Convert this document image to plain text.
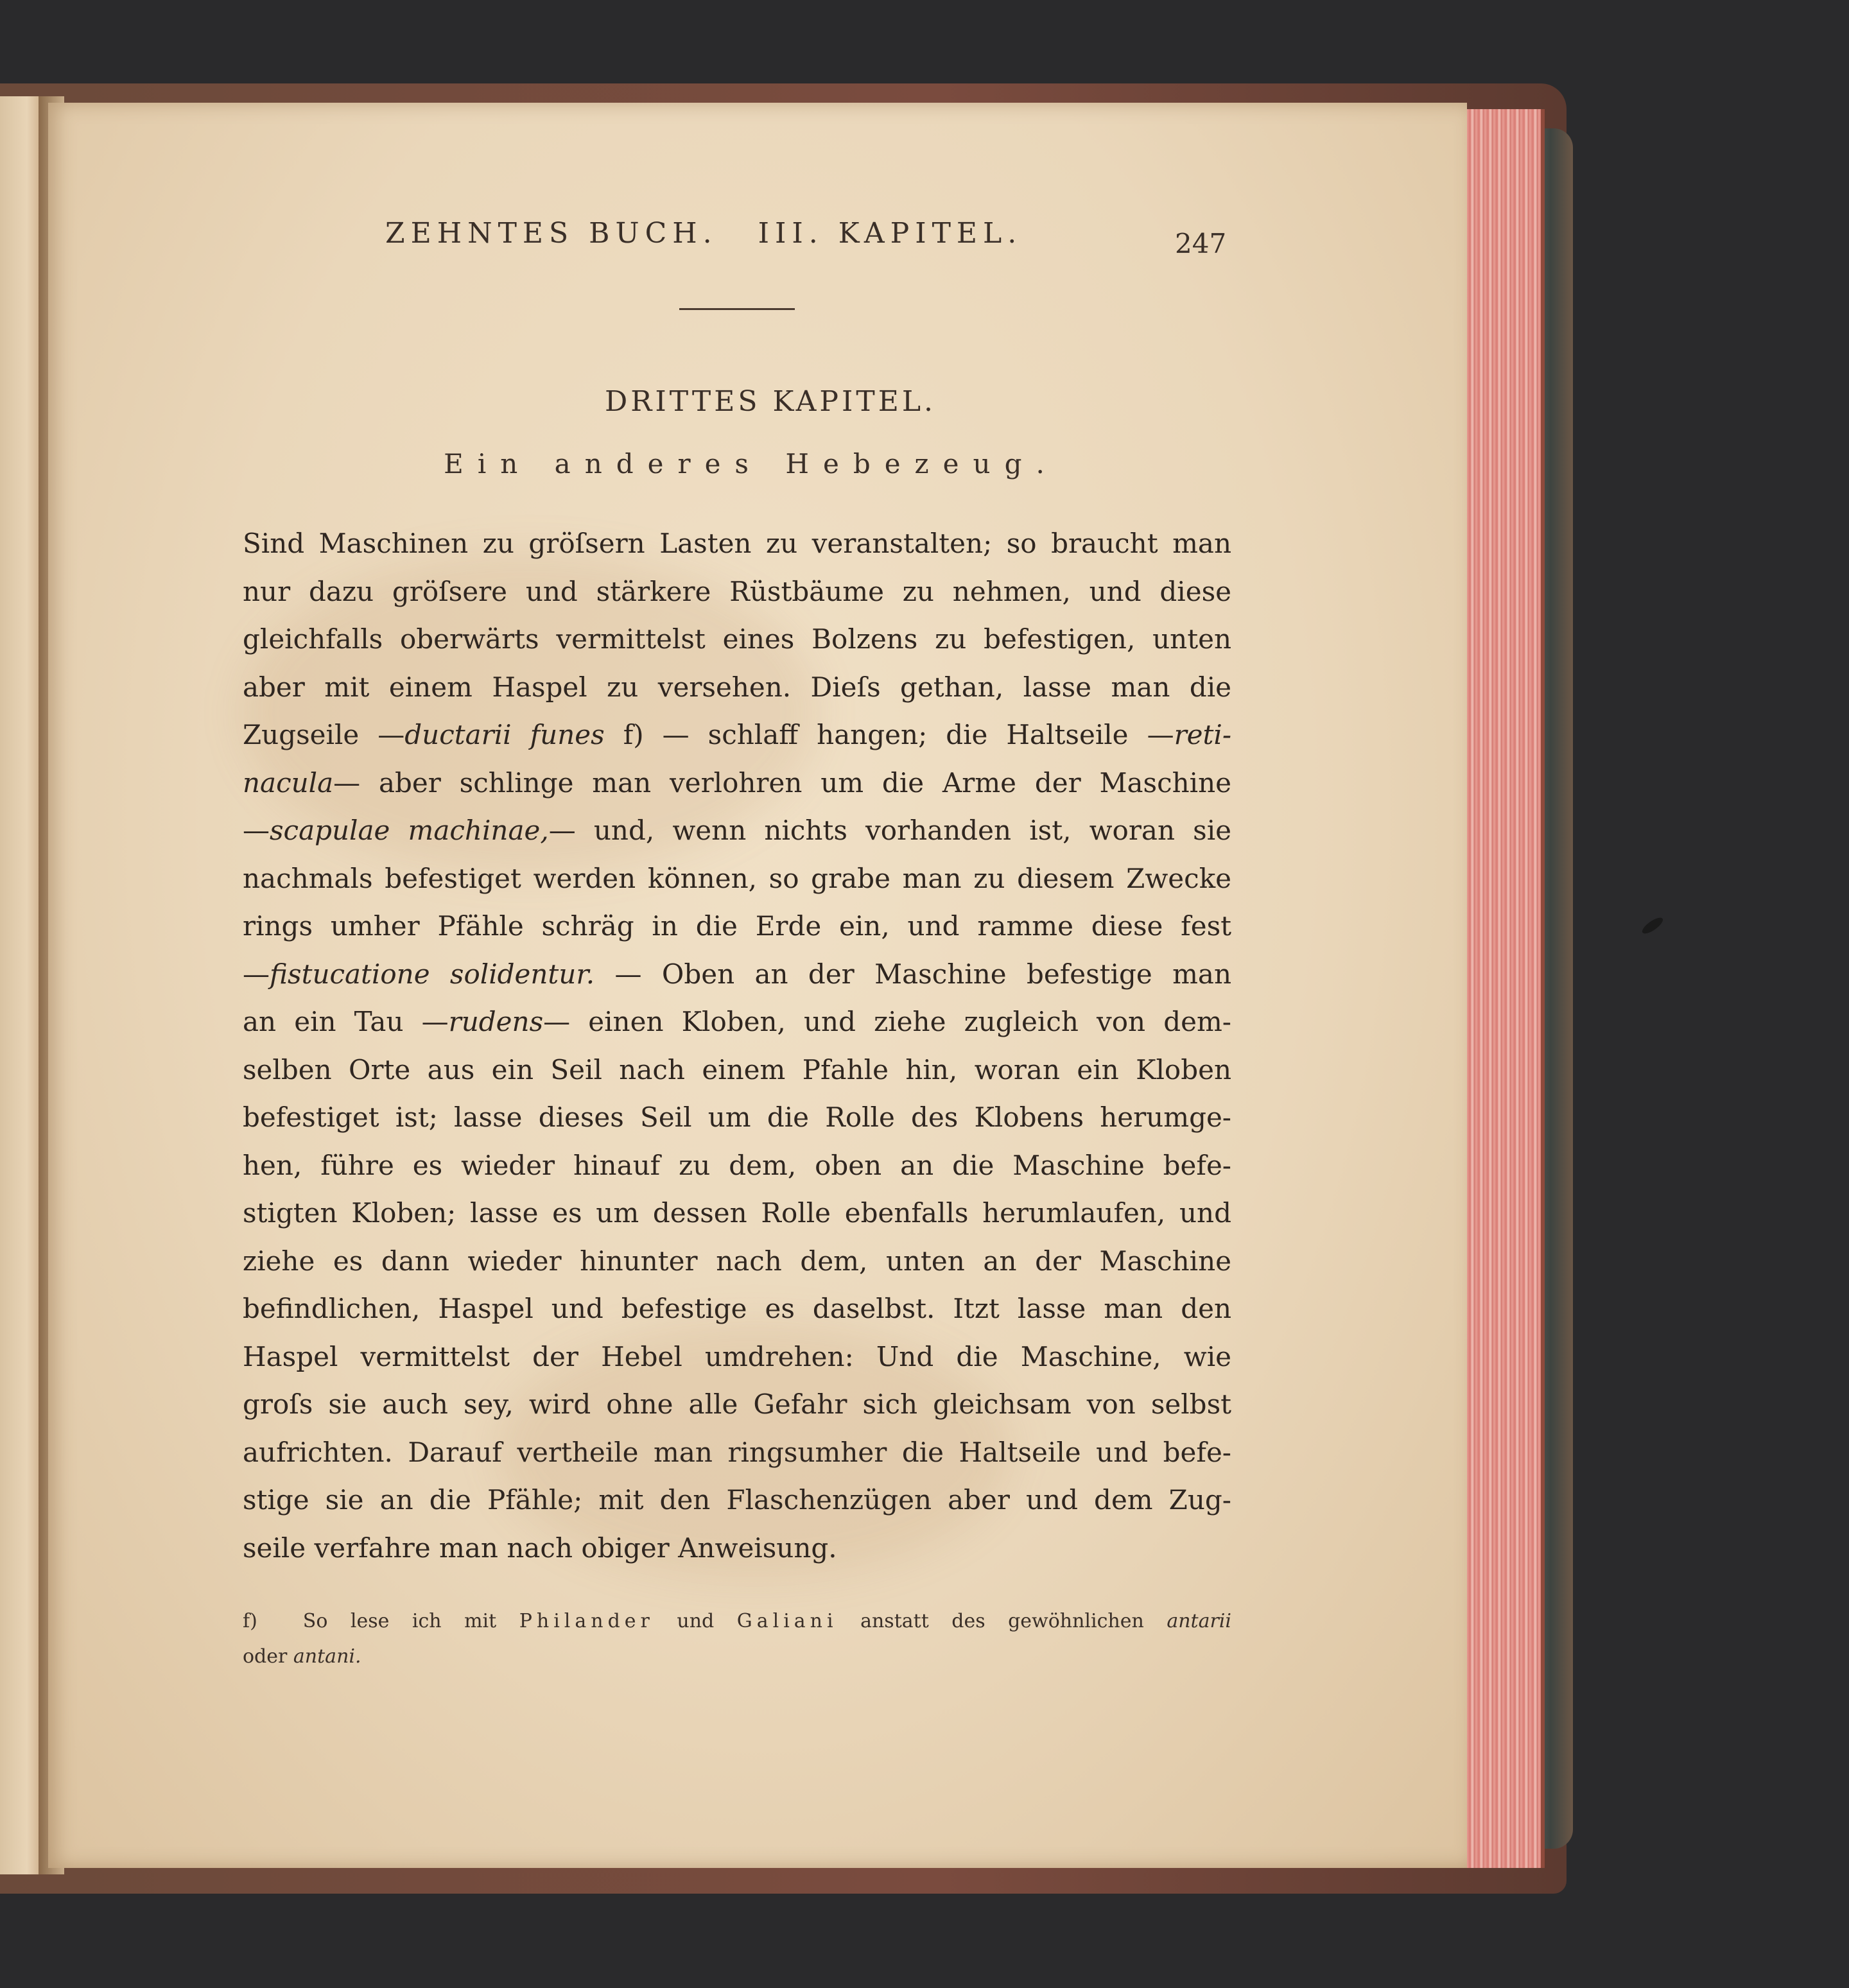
ZEHNTES BUCH. III. KAPITEL.	247
DRITTES KAPITEL.
Ein anderes Hebezeug.
Sind Maschinen zu gröſsern Lasten zu veranstalten; so braucht man
nur dazu gröſsere und stärkere Rüstbäume zu nehmen, und diese
gleichfalls oberwärts vermittelst eines Bolzens zu befestigen, unten
aber mit einem Haspel zu versehen. Dieſs gethan, lasse man die
Zugseile —ductarii funes f) — schlaff hangen; die Haltseile —reti-
nacula— aber schlinge man verlohren um die Arme der Maschine
—scapulae machinae,— und, wenn nichts vorhanden ist, woran sie
nachmals befestiget werden können, so grabe man zu diesem Zwecke
rings umher Pfähle schräg in die Erde ein, und ramme diese fest
—fistucatione solidentur. — Oben an der Maschine befestige man
an ein Tau —rudens— einen Kloben, und ziehe zugleich von dem-
selben Orte aus ein Seil nach einem Pfahle hin, woran ein Kloben
befestiget ist; lasse dieses Seil um die Rolle des Klobens herumge-
hen, führe es wieder hinauf zu dem, oben an die Maschine befe-
stigten Kloben; lasse es um dessen Rolle ebenfalls herumlaufen, und
ziehe es dann wieder hinunter nach dem, unten an der Maschine
befindlichen, Haspel und befestige es daselbst. Itzt lasse man den
Haspel vermittelst der Hebel umdrehen: Und die Maschine, wie
groſs sie auch sey, wird ohne alle Gefahr sich gleichsam von selbst
aufrichten. Darauf vertheile man ringsumher die Haltseile und befe-
stige sie an die Pfähle; mit den Flaschenzügen aber und dem Zug-
seile verfahre man nach obiger Anweisung.
f) So lese ich mit Philander und Galiani anstatt des gewöhnlichen antarii
oder antani.
